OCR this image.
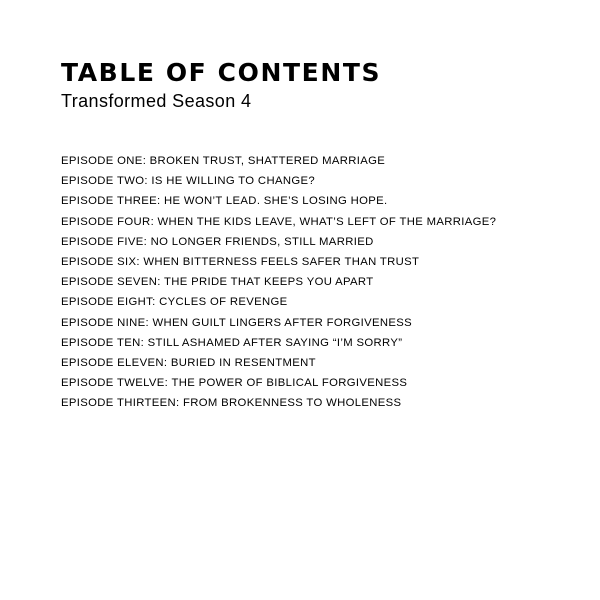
TABLE OF CONTENTS
Transformed Season 4
EPISODE ONE: BROKEN TRUST, SHATTERED MARRIAGE
EPISODE TWO: IS HE WILLING TO CHANGE?
EPISODE THREE: HE WON’T LEAD. SHE’S LOSING HOPE.
EPISODE FOUR: WHEN THE KIDS LEAVE, WHAT’S LEFT OF THE MARRIAGE?
EPISODE FIVE: NO LONGER FRIENDS, STILL MARRIED
EPISODE SIX: WHEN BITTERNESS FEELS SAFER THAN TRUST
EPISODE SEVEN: THE PRIDE THAT KEEPS YOU APART
EPISODE EIGHT: CYCLES OF REVENGE
EPISODE NINE: WHEN GUILT LINGERS AFTER FORGIVENESS
EPISODE TEN: STILL ASHAMED AFTER SAYING “I’M SORRY”
EPISODE ELEVEN: BURIED IN RESENTMENT
EPISODE TWELVE: THE POWER OF BIBLICAL FORGIVENESS
EPISODE THIRTEEN: FROM BROKENNESS TO WHOLENESS
